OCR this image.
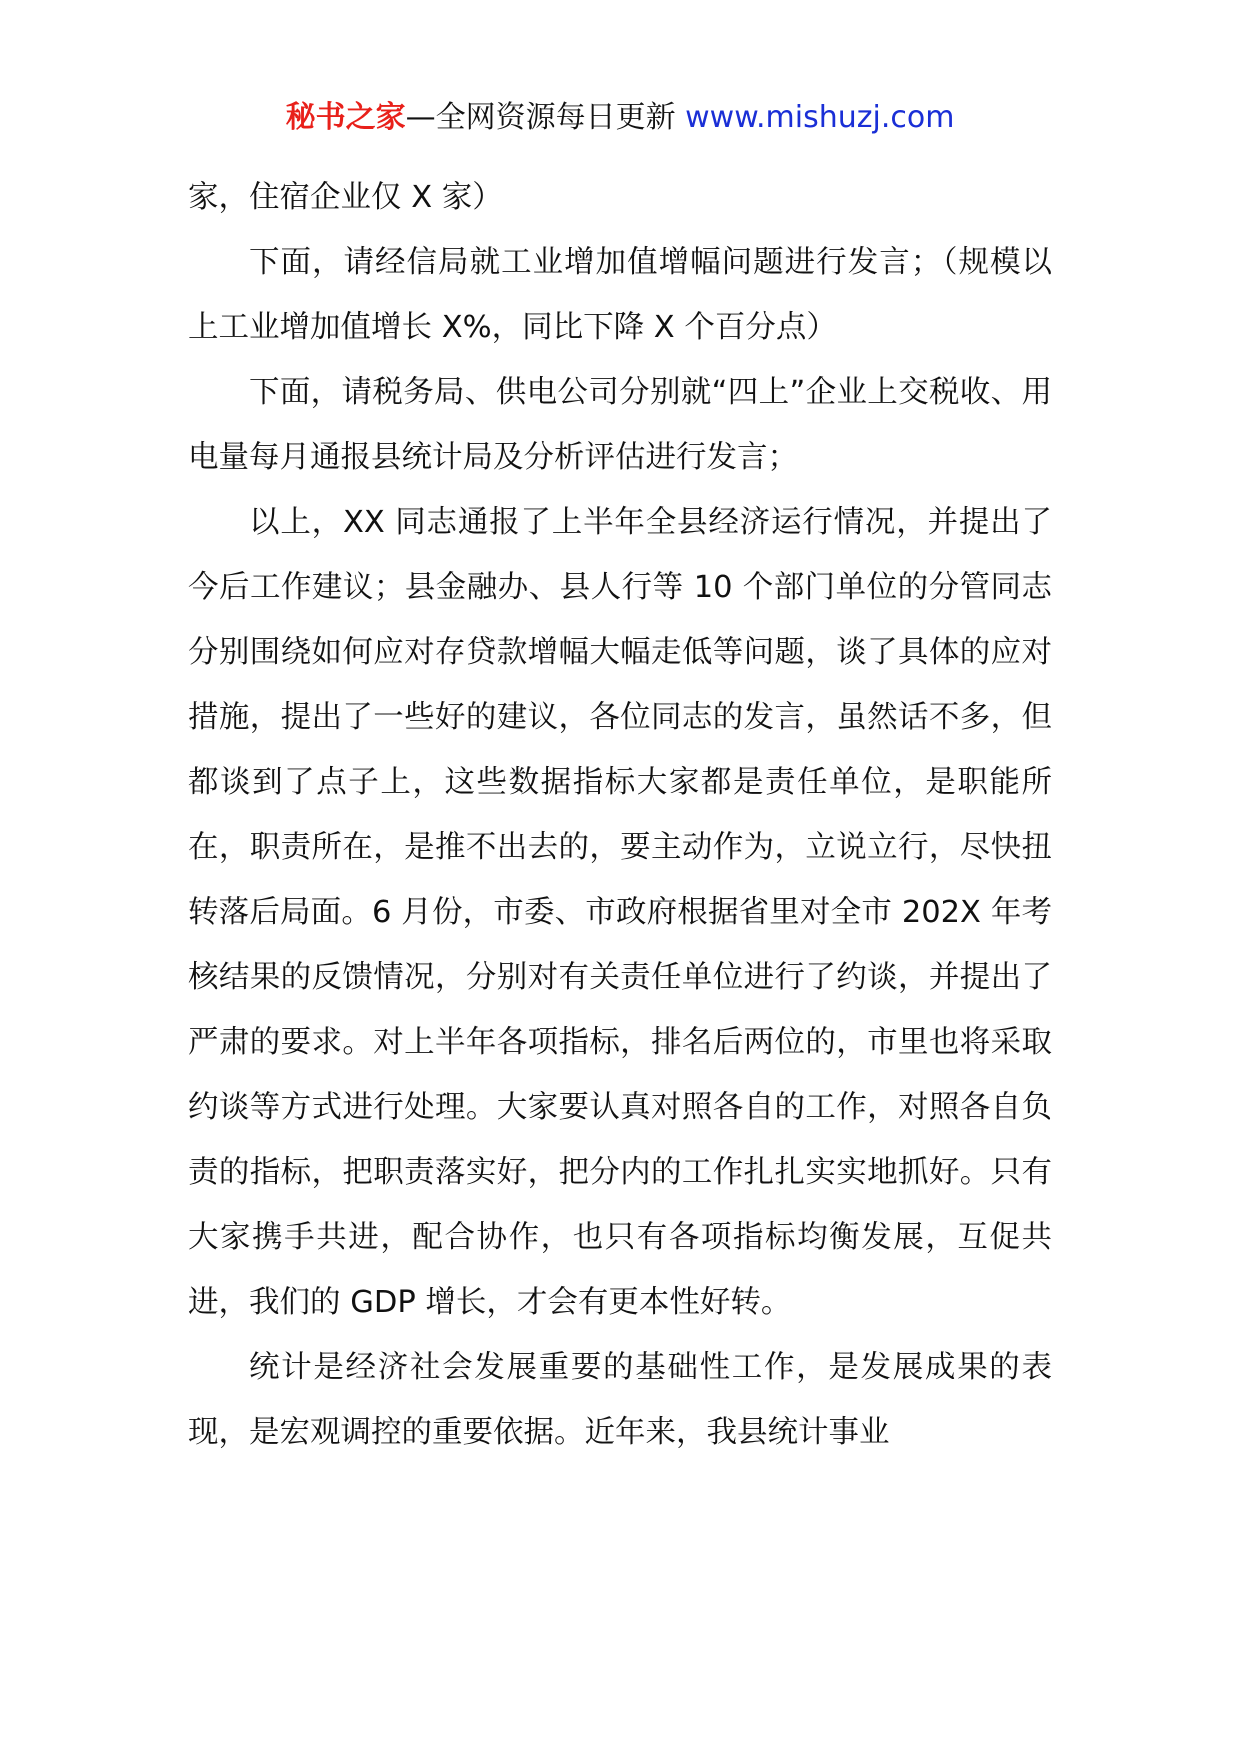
秘书之家—全网资源每日更新 www.mishuzj.com

家，住宿企业仅 X 家）

下面，请经信局就工业增加值增幅问题进行发言；（规模以上工业增加值增长 X%，同比下降 X 个百分点）

下面，请税务局、供电公司分别就“四上”企业上交税收、用电量每月通报县统计局及分析评估进行发言；

以上，XX 同志通报了上半年全县经济运行情况，并提出了今后工作建议；县金融办、县人行等 10 个部门单位的分管同志分别围绕如何应对存贷款增幅大幅走低等问题，谈了具体的应对措施，提出了一些好的建议，各位同志的发言，虽然话不多，但都谈到了点子上，这些数据指标大家都是责任单位，是职能所在，职责所在，是推不出去的，要主动作为，立说立行，尽快扭转落后局面。6 月份，市委、市政府根据省里对全市 202X 年考核结果的反馈情况，分别对有关责任单位进行了约谈，并提出了严肃的要求。对上半年各项指标，排名后两位的，市里也将采取约谈等方式进行处理。大家要认真对照各自的工作，对照各自负责的指标，把职责落实好，把分内的工作扎扎实实地抓好。只有大家携手共进，配合协作，也只有各项指标均衡发展，互促共进，我们的 GDP 增长，才会有更本性好转。

统计是经济社会发展重要的基础性工作，是发展成果的表现，是宏观调控的重要依据。近年来，我县统计事业
